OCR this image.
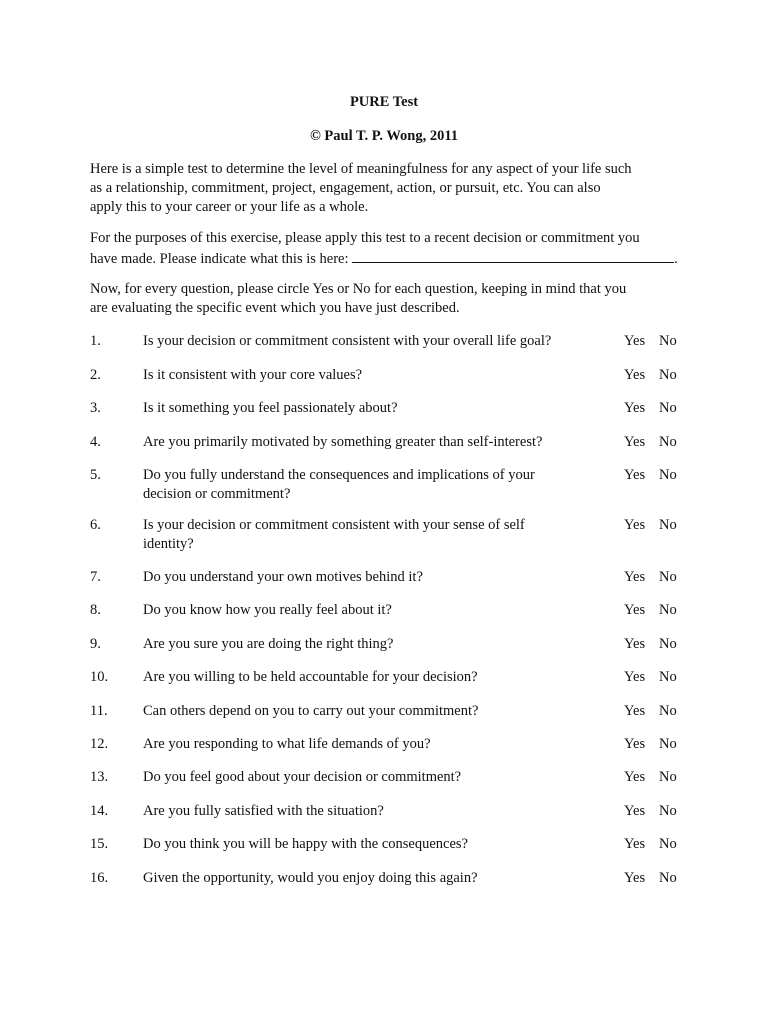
PURE Test
© Paul T. P. Wong, 2011
Here is a simple test to determine the level of meaningfulness for any aspect of your life such
as a relationship, commitment, project, engagement, action, or pursuit, etc. You can also
apply this to your career or your life as a whole.
For the purposes of this exercise, please apply this test to a recent decision or commitment you
have made. Please indicate what this is here:	.
Now, for every question, please circle Yes or No for each question, keeping in mind that you
are evaluating the specific event which you have just described.
1.	Is your decision or commitment consistent with your overall life goal?	Yes No
2.	Is it consistent with your core values?	Yes No
3.	Is it something you feel passionately about?	Yes No
4.	Are you primarily motivated by something greater than self-interest?	Yes No
5.	Do you fully understand the consequences and implications of your
decision or commitment?
Yes No
6.	Is your decision or commitment consistent with your sense of self
identity?
Yes No
7.	Do you understand your own motives behind it?	Yes No
8.	Do you know how you really feel about it?	Yes No
9.	Are you sure you are doing the right thing?	Yes No
10.	Are you willing to be held accountable for your decision?	Yes No
11.	Can others depend on you to carry out your commitment?	Yes No
12.	Are you responding to what life demands of you?	Yes No
13.	Do you feel good about your decision or commitment?	Yes No
14.	Are you fully satisfied with the situation?	Yes No
15.	Do you think you will be happy with the consequences?	Yes No
16.	Given the opportunity, would you enjoy doing this again?	Yes No
